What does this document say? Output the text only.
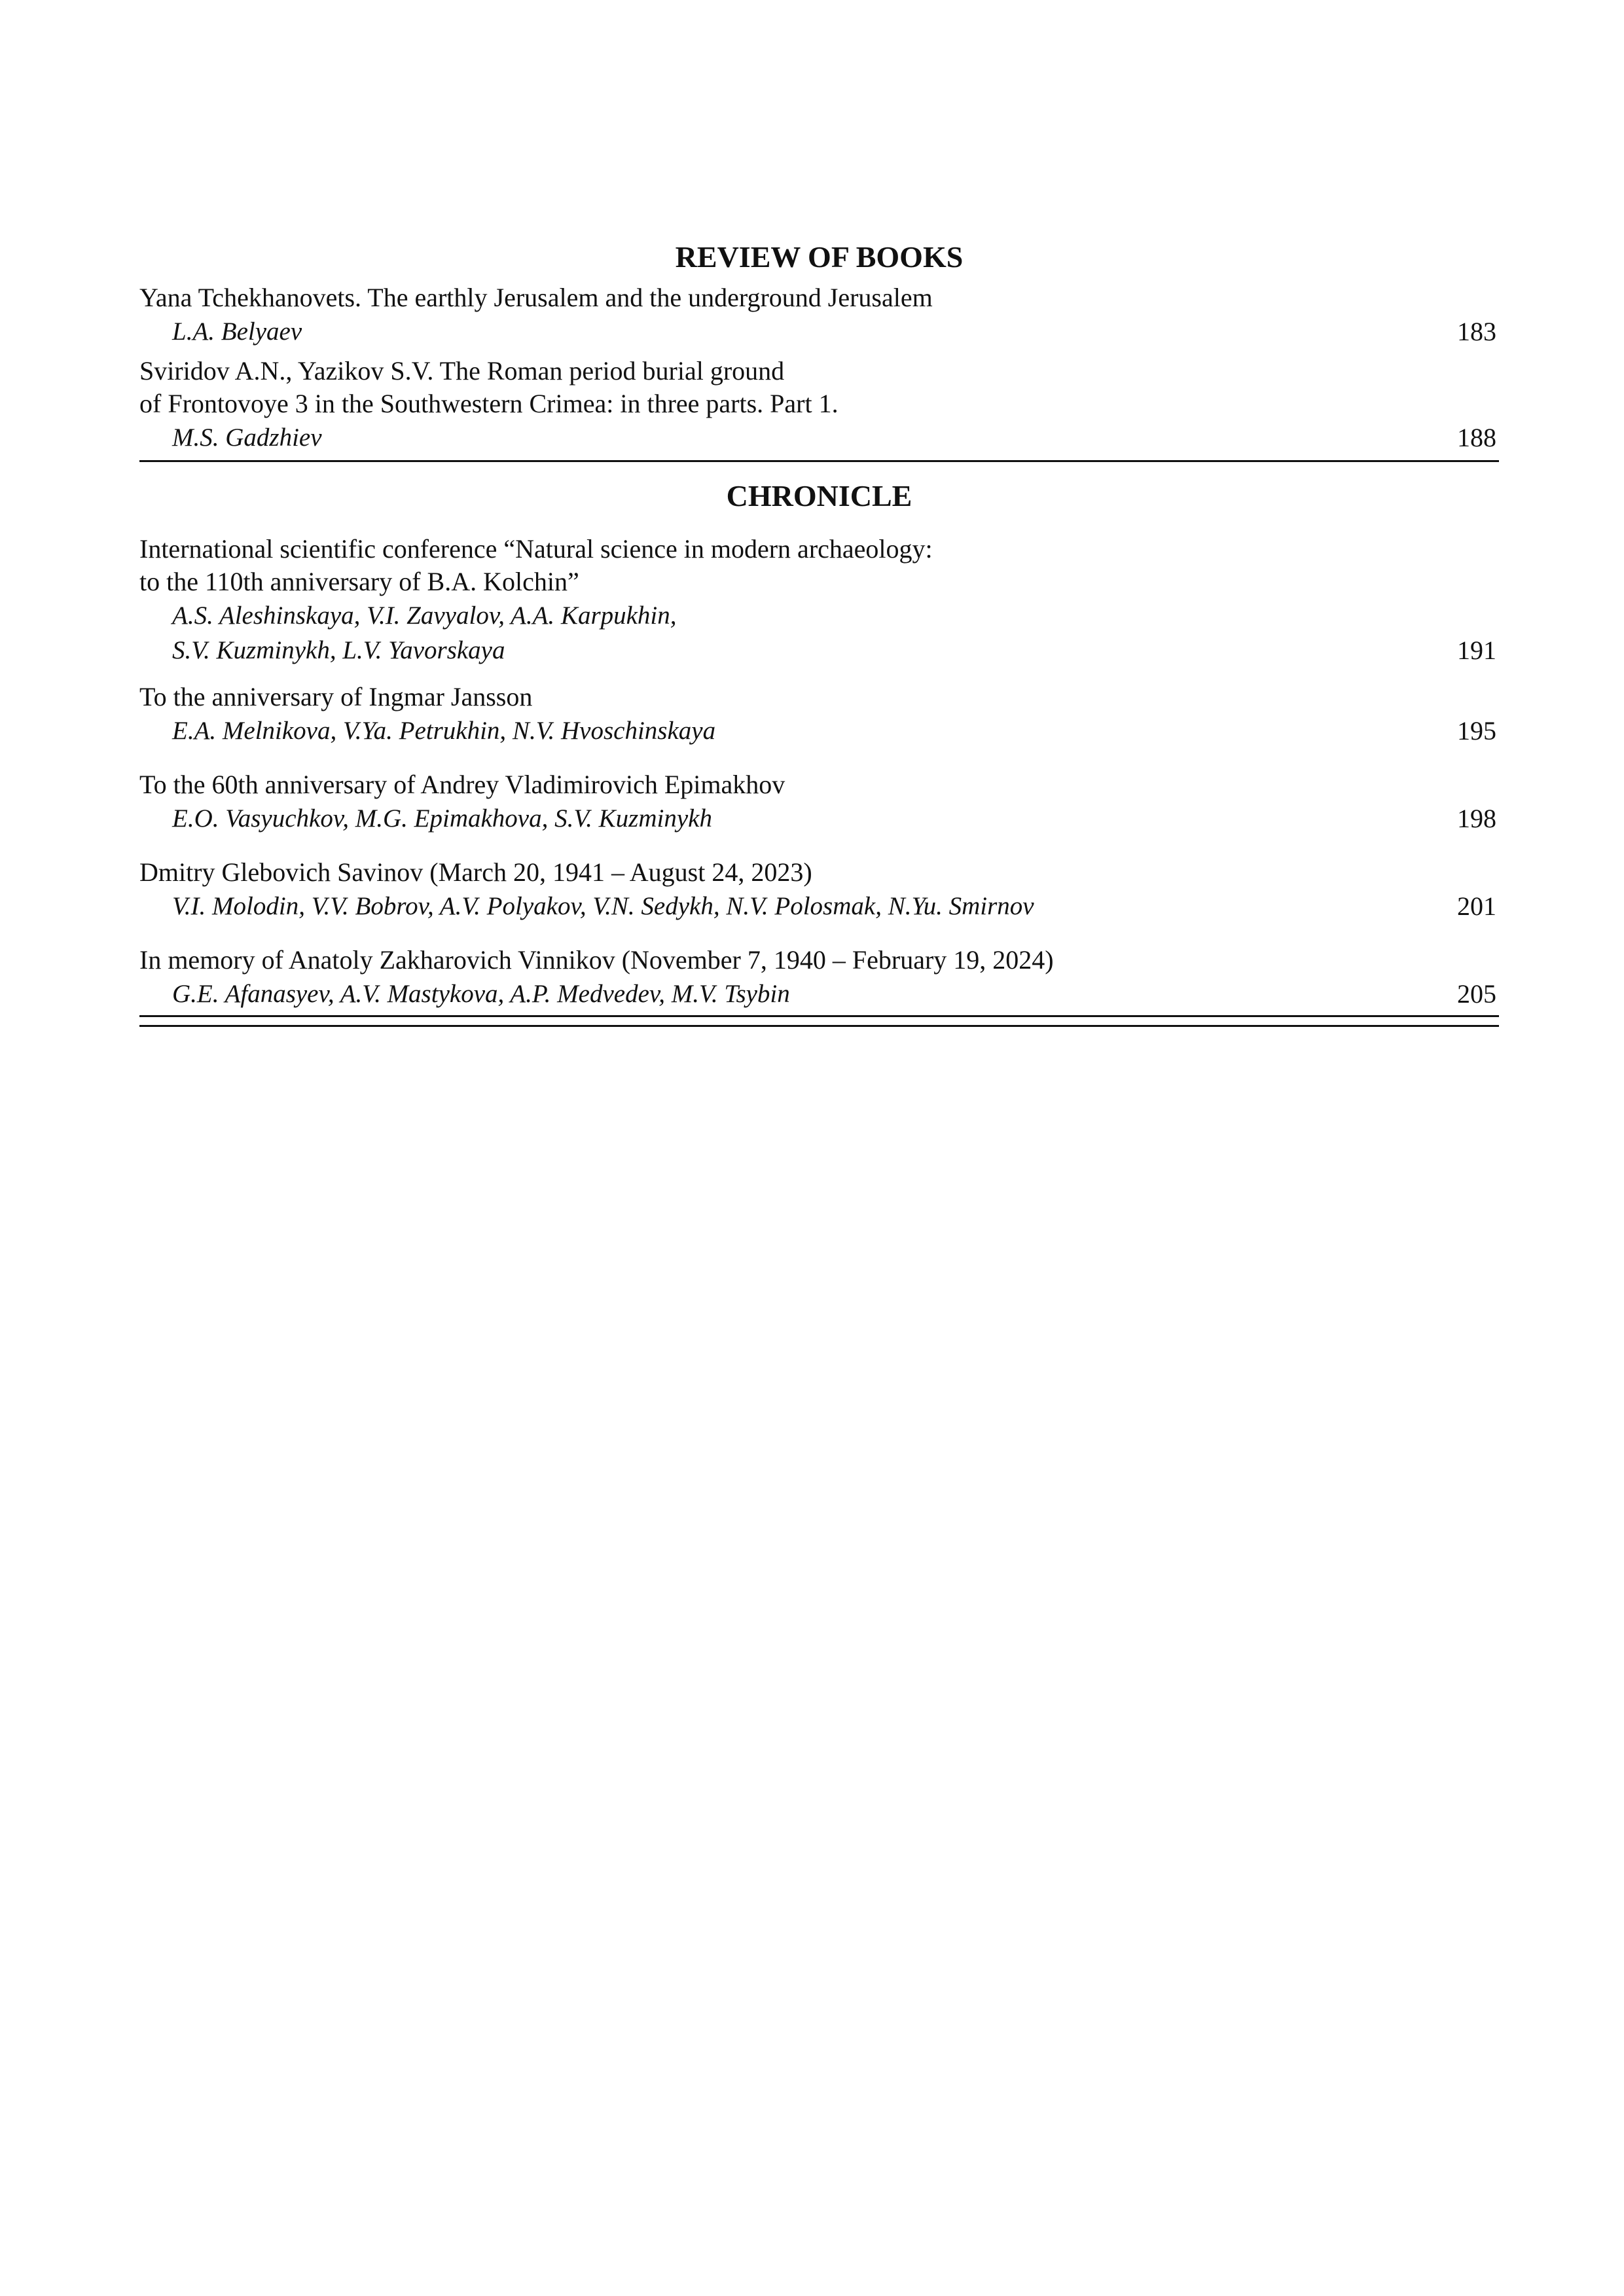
REVIEW OF BOOKS
Yana Tchekhanovets. The earthly Jerusalem and the underground Jerusalem
L.A. Belyaev	183
Sviridov A.N., Yazikov S.V. The Roman period burial ground
of Frontovoye 3 in the Southwestern Crimea: in three parts. Part 1.
M.S. Gadzhiev	188
CHRONICLE
International scientific conference “Natural science in modern archaeology:
to the 110th anniversary of B.A. Kolchin”
A.S. Aleshinskaya, V.I. Zavyalov, A.A. Karpukhin,
S.V. Kuzminykh, L.V. Yavorskaya	191
To the anniversary of Ingmar Jansson
E.A. Melnikova, V.Ya. Petrukhin, N.V. Hvoschinskaya	195
To the 60th anniversary of Andrey Vladimirovich Epimakhov
E.O. Vasyuchkov, M.G. Epimakhova, S.V. Kuzminykh	198
Dmitry Glebovich Savinov (March 20, 1941 – August 24, 2023)
V.I. Molodin, V.V. Bobrov, A.V. Polyakov, V.N. Sedykh, N.V. Polosmak, N.Yu. Smirnov	201
In memory of Anatoly Zakharovich Vinnikov (November 7, 1940 – February 19, 2024)
G.E. Afanasyev, A.V. Mastykova, A.P. Medvedev, M.V. Tsybin	205
